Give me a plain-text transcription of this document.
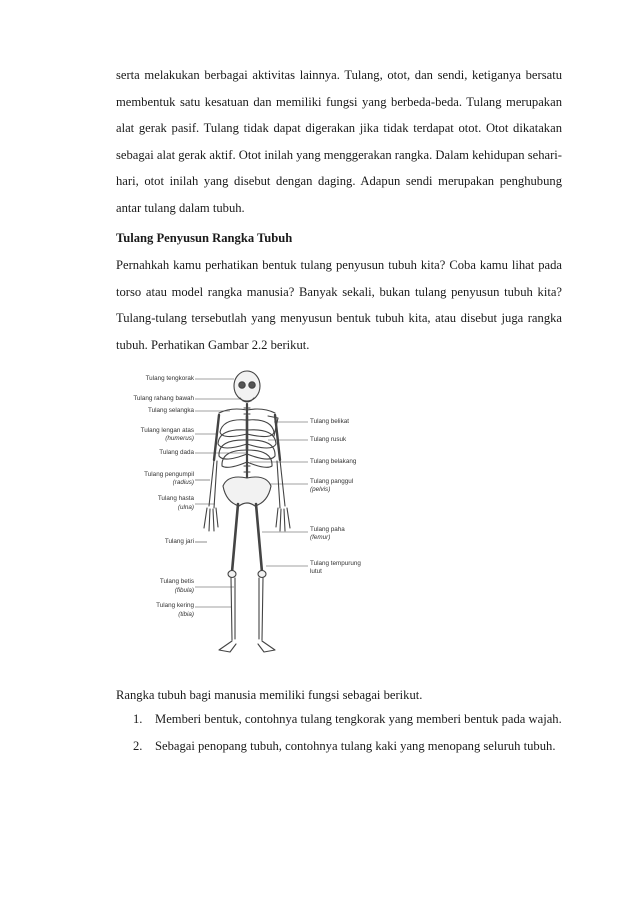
serta melakukan berbagai aktivitas lainnya. Tulang, otot, dan sendi, ketiganya bersatu membentuk satu kesatuan dan memiliki fungsi yang berbeda-beda. Tulang merupakan alat gerak pasif. Tulang tidak dapat digerakan jika tidak terdapat otot. Otot dikatakan sebagai alat gerak aktif. Otot inilah yang menggerakan rangka. Dalam kehidupan sehari-hari, otot inilah yang disebut dengan daging. Adapun sendi merupakan penghubung antar tulang dalam tubuh.

Tulang Penyusun Rangka Tubuh

Pernahkah kamu perhatikan bentuk tulang penyusun tubuh kita? Coba kamu lihat pada torso atau model rangka manusia? Banyak sekali, bukan tulang penyusun tubuh kita? Tulang-tulang tersebutlah yang menyusun bentuk tubuh kita, atau disebut juga rangka tubuh. Perhatikan Gambar 2.2 berikut.

Tulang tengkorak
Tulang rahang bawah
Tulang selangka
Tulang lengan atas
(humerus)
Tulang dada
Tulang pengumpil
(radius)
Tulang hasta
(ulna)
Tulang jari
Tulang betis
(fibula)
Tulang kering
(tibia)
Tulang belikat
Tulang rusuk
Tulang belakang
Tulang panggul
(pelvis)
Tulang paha
(femur)
Tulang tempurung
lutut

Rangka tubuh bagi manusia memiliki fungsi sebagai berikut.

1. Memberi bentuk, contohnya tulang tengkorak yang memberi bentuk pada wajah.
2. Sebagai penopang tubuh, contohnya tulang kaki yang menopang seluruh tubuh.
